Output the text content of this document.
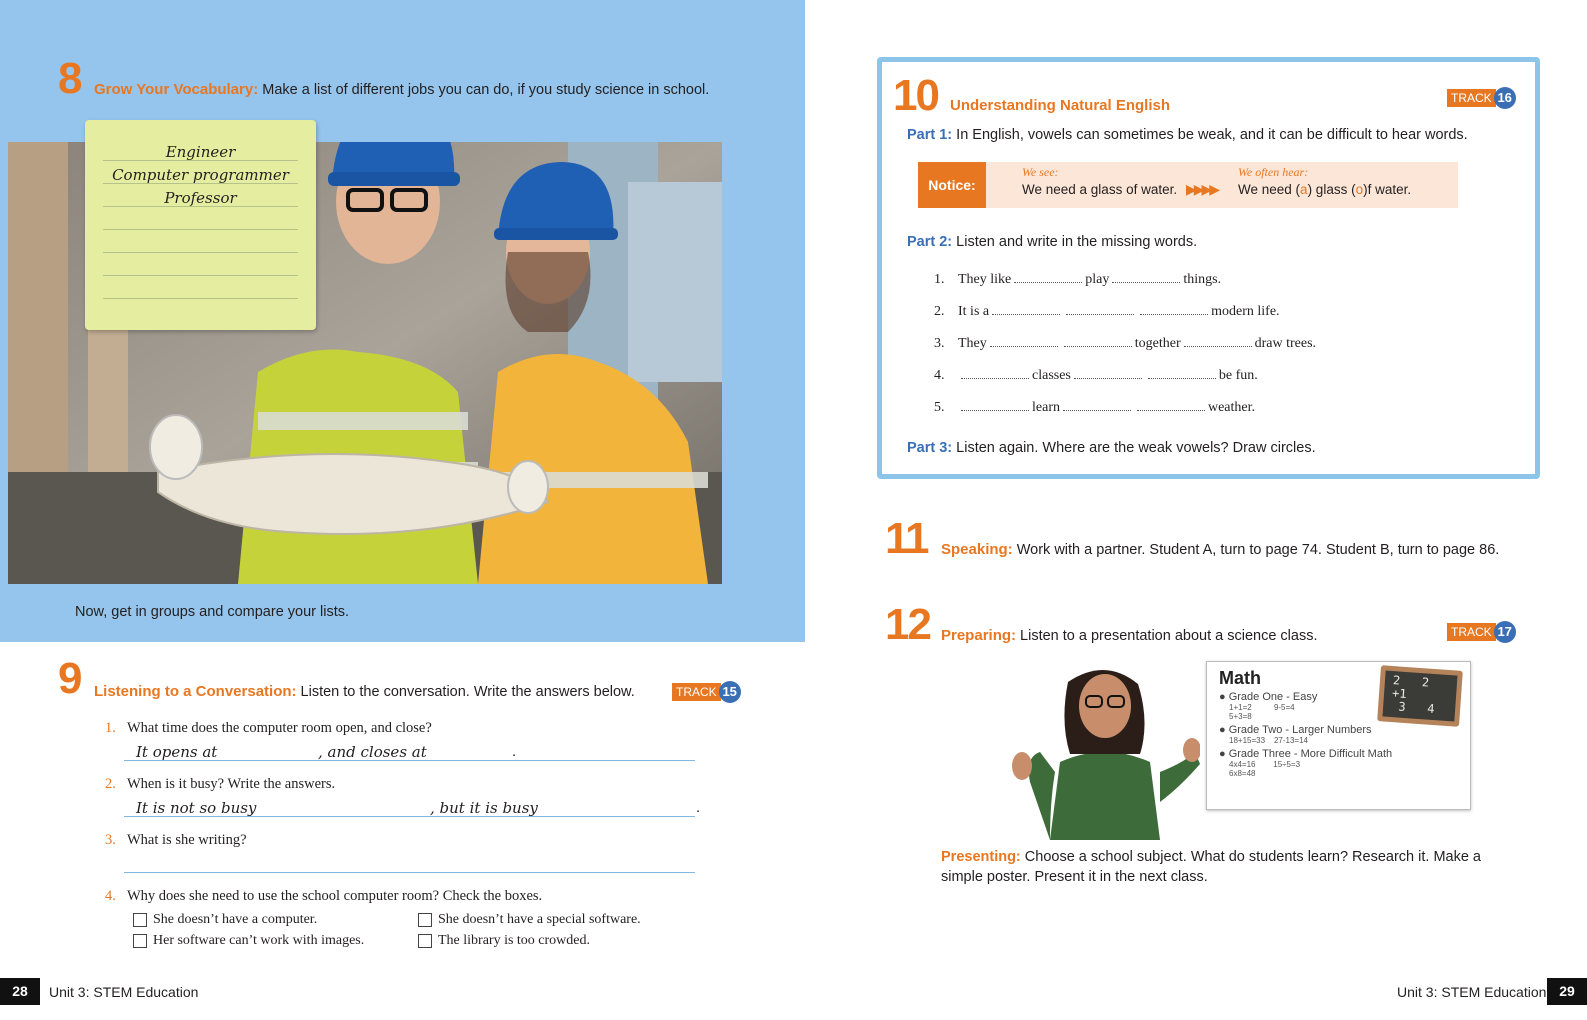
8 Grow Your Vocabulary: Make a list of different jobs you can do, if you study science in school.
Engineer
Computer programmer
Professor
Now, get in groups and compare your lists.
9 Listening to a Conversation: Listen to the conversation. Write the answers below.	TRACK 15
1. What time does the computer room open, and close?
It opens at	, and closes at	.
2. When is it busy? Write the answers.
It is not so busy	, but it is busy	.
3. What is she writing?
4. Why does she need to use the school computer room? Check the boxes.
She doesn’t have a computer.	She doesn’t have a special software.
Her software can’t work with images.	The library is too crowded.
28	Unit 3: STEM Education
10 Understanding Natural English	TRACK 16
Part 1: In English, vowels can sometimes be weak, and it can be difficult to hear words.
Notice:
We see:
We need a glass of water. ▶▶▶▶
We often hear:
We need (a) glass (o)f water.
Part 2: Listen and write in the missing words.
1. They like	play	things.
2. It is a	modern life.
3. They	together	draw trees.
4.	classes	be fun.
5.	learn	weather.
Part 3: Listen again. Where are the weak vowels? Draw circles.
11 Speaking: Work with a partner. Student A, turn to page 74. Student B, turn to page 86.
12 Preparing: Listen to a presentation about a science class.	TRACK 17
Math
● Grade One - Easy
1+1=2	9-5=4
5+3=8
● Grade Two - Larger Numbers
18+15=33 27-13=14
● Grade Three - More Difficult Math
4x4=16 15÷5=3
6x8=48
2 2
+1
3 4
Presenting: Choose a school subject. What do students learn? Research it. Make a simple poster. Present it in the next class.
Unit 3: STEM Education 29
